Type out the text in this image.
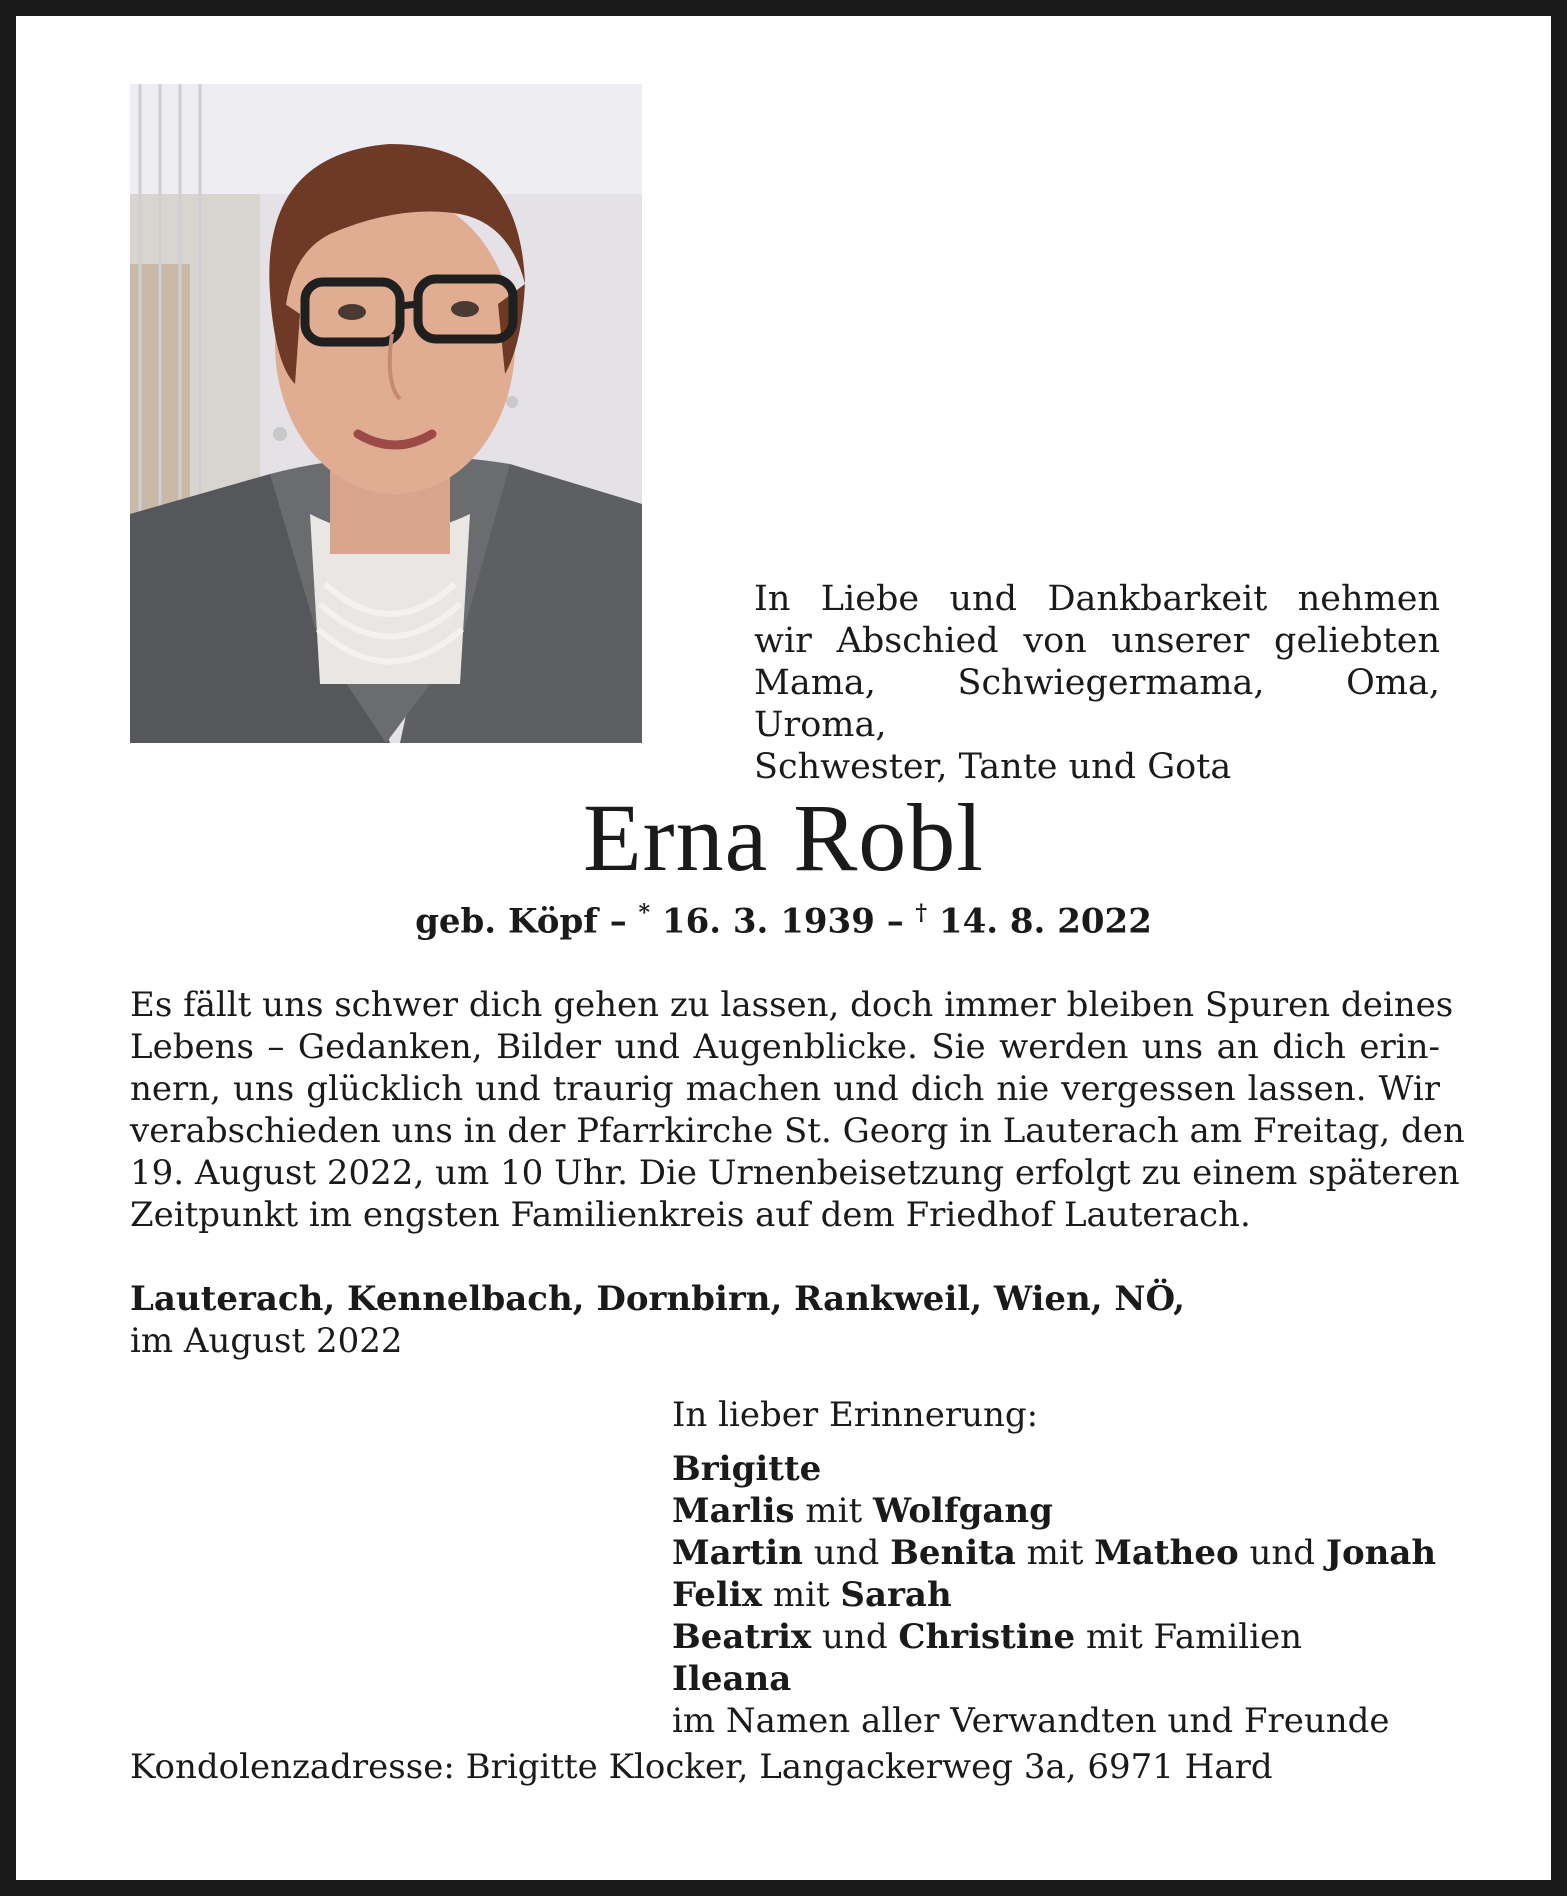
In Liebe und Dankbarkeit nehmen
wir Abschied von unserer geliebten
Mama, Schwiegermama, Oma, Uroma,
Schwester, Tante und Gota
Erna Robl
geb. Köpf – * 16. 3. 1939 – † 14. 8. 2022
Es fällt uns schwer dich gehen zu lassen, doch immer bleiben Spuren deines
Lebens – Gedanken, Bilder und Augenblicke. Sie werden uns an dich erin-
nern, uns glücklich und traurig machen und dich nie vergessen lassen. Wir
verabschieden uns in der Pfarrkirche St. Georg in Lauterach am Freitag, den
19. August 2022, um 10 Uhr. Die Urnenbeisetzung erfolgt zu einem späteren
Zeitpunkt im engsten Familienkreis auf dem Friedhof Lauterach.
Lauterach, Kennelbach, Dornbirn, Rankweil, Wien, NÖ,
im August 2022
In lieber Erinnerung:
Brigitte
Marlis mit Wolfgang
Martin und Benita mit Matheo und Jonah
Felix mit Sarah
Beatrix und Christine mit Familien
Ileana
im Namen aller Verwandten und Freunde
Kondolenzadresse: Brigitte Klocker, Langackerweg 3a, 6971 Hard
